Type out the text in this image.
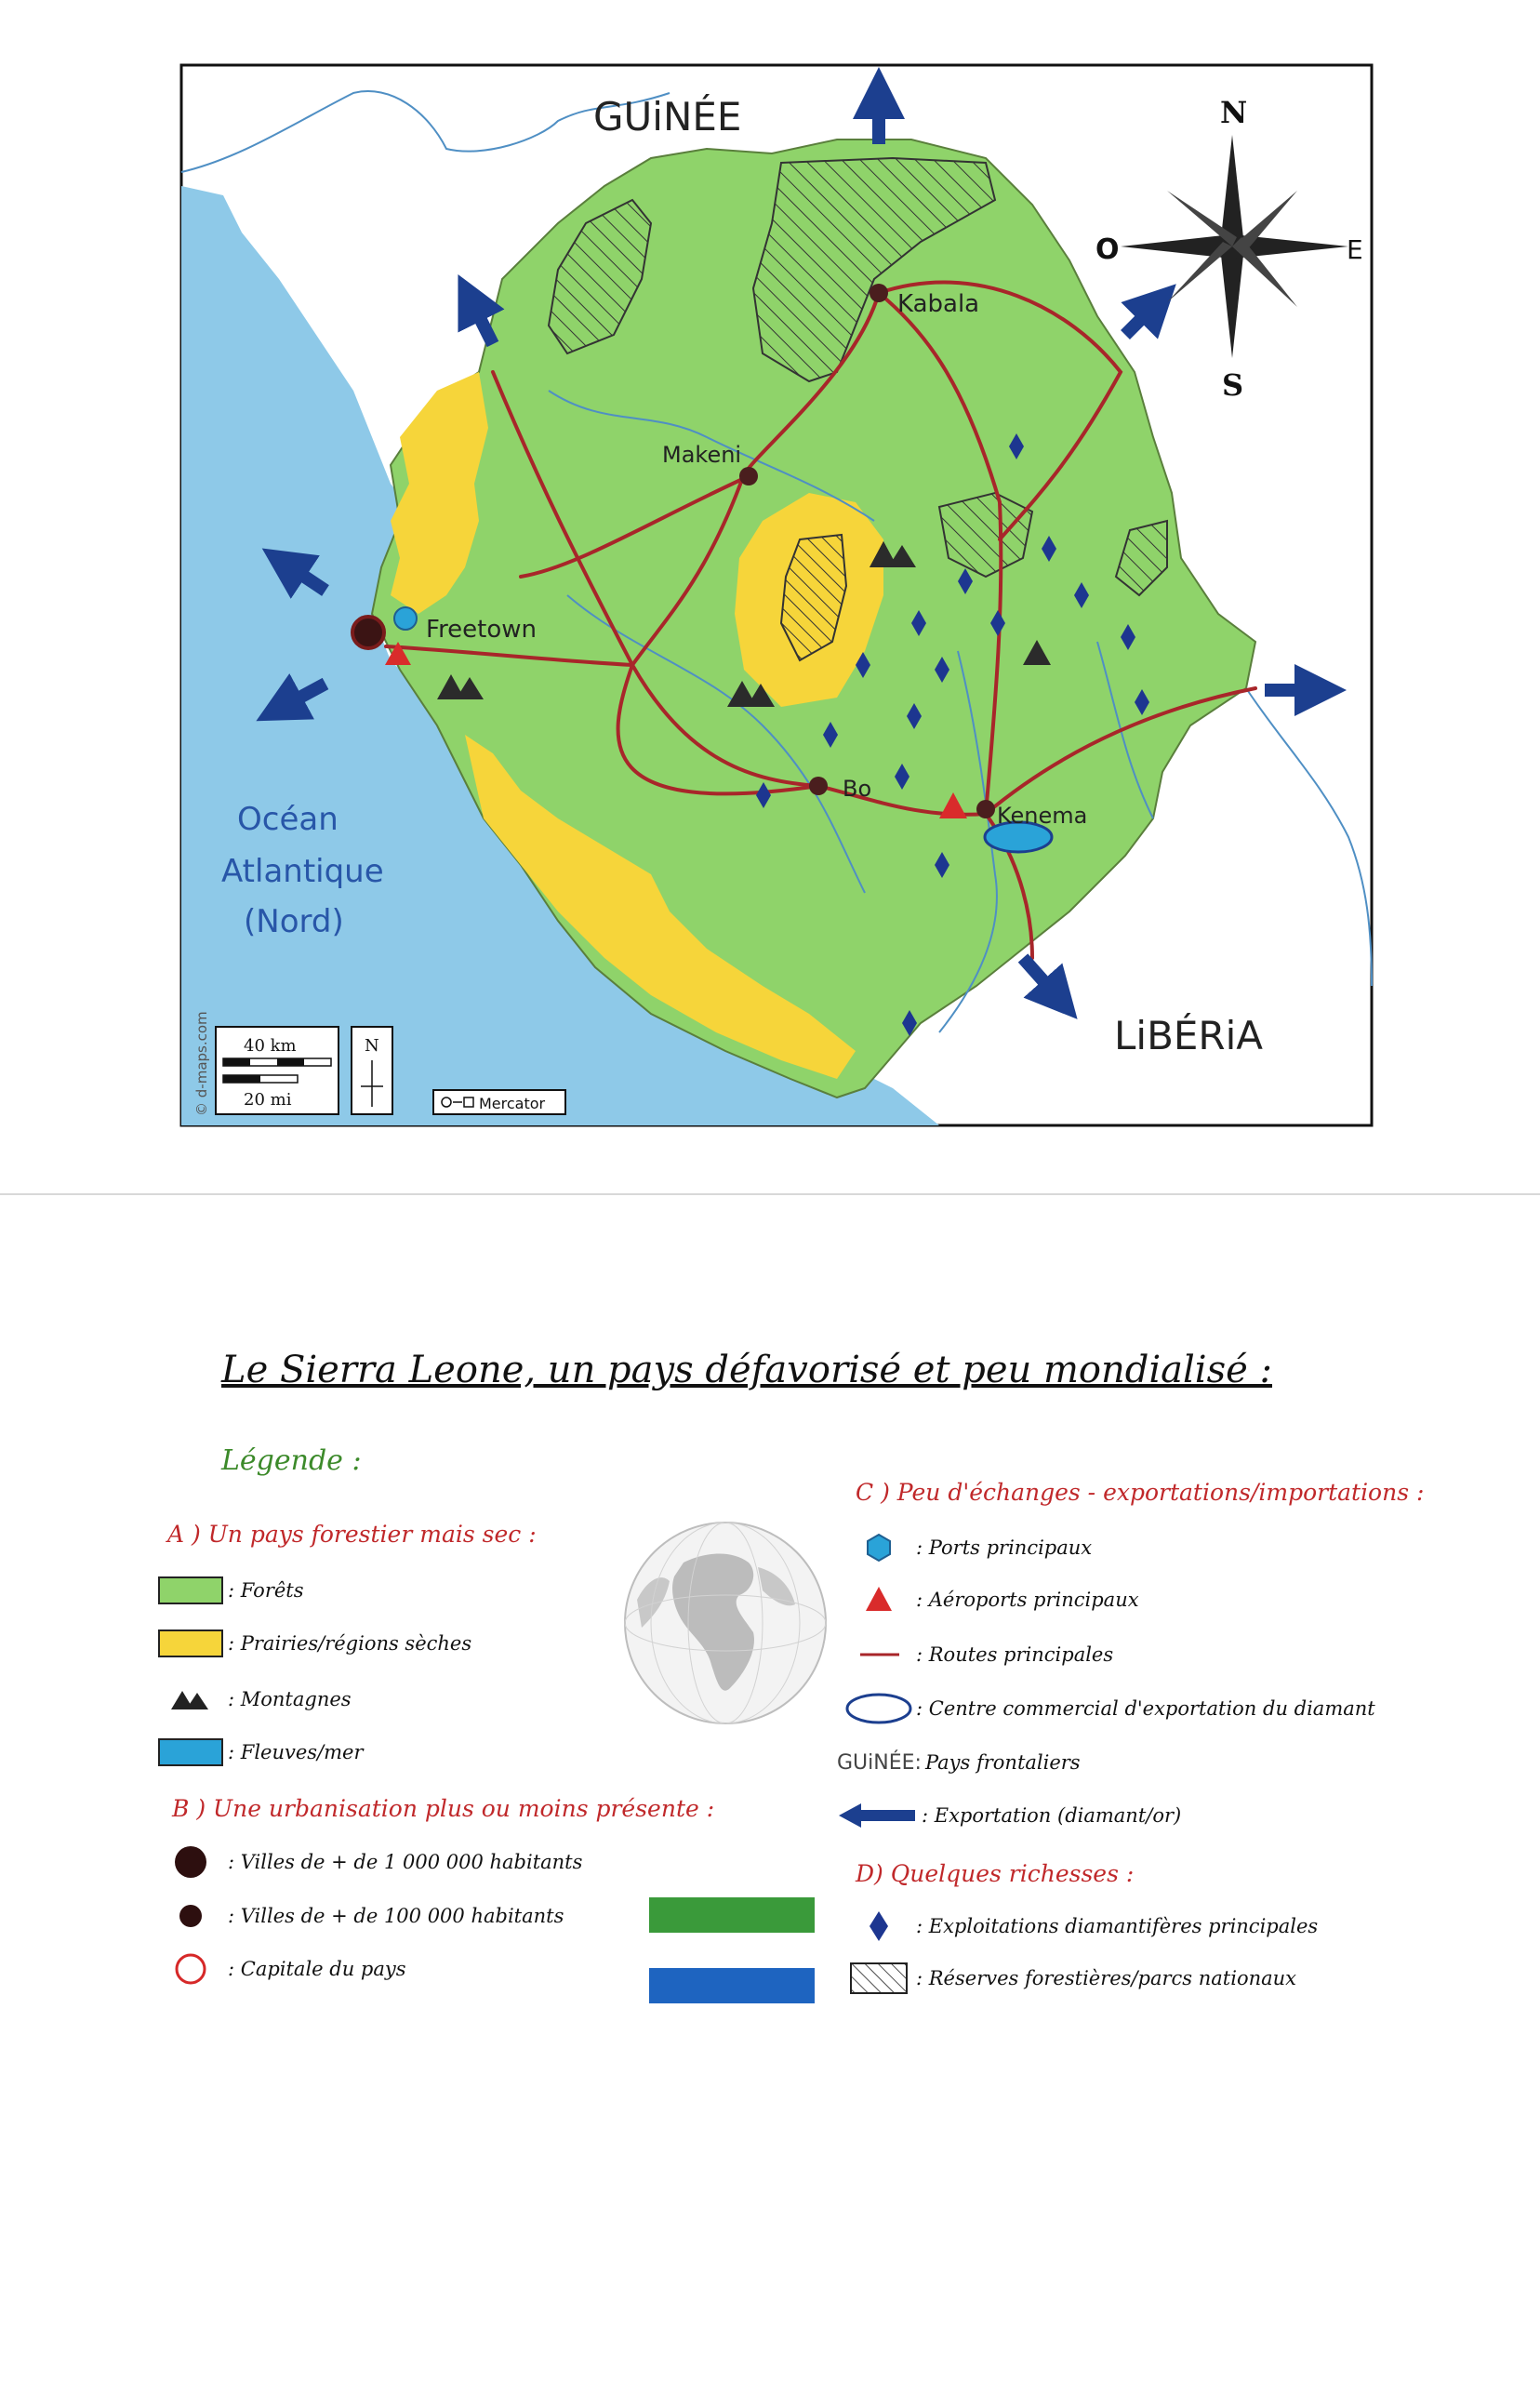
N
S
O	E
GUiNÉE
LiBÉRiA
Océan
Atlantique
(Nord)
Kabala
Makeni
Freetown
Bo
Kenema
40 km
20 mi
N
Mercator
© d-maps.com
Le Sierra Leone, un pays défavorisé et peu mondialisé :
Légende :
A ) Un pays forestier mais sec :
: Forêts
: Prairies/régions sèches
: Montagnes
: Fleuves/mer
B ) Une urbanisation plus ou moins présente :
: Villes de + de 1 000 000 habitants
: Villes de + de 100 000 habitants
: Capitale du pays
C ) Peu d'échanges - exportations/importations :
: Ports principaux
: Aéroports principaux
: Routes principales
: Centre commercial d'exportation du diamant
GUiNÉE: Pays frontaliers
: Exportation (diamant/or)
D) Quelques richesses :
: Exploitations diamantifères principales
: Réserves forestières/parcs nationaux
